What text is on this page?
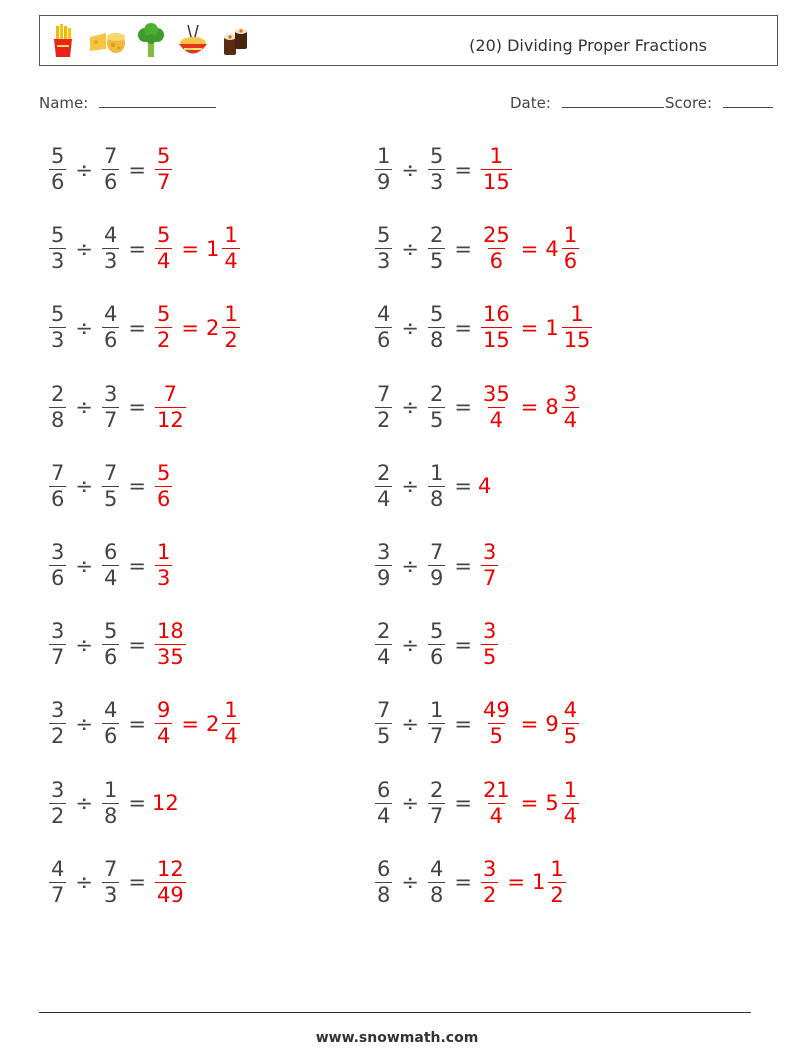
(20) Dividing Proper Fractions
Name:	Date:	Score:
$\frac{5}{6} \div \frac{7}{6} = \frac{5}{7}$	$\frac{1}{9} \div \frac{5}{3} = \frac{1}{15}$
$\frac{5}{3} \div \frac{4}{3} = \frac{5}{4} = 1 \frac{1}{4}$	$\frac{5}{3} \div \frac{2}{5} = \frac{25}{6} = 4 \frac{1}{6}$
$\frac{5}{3} \div \frac{4}{6} = \frac{5}{2} = 2 \frac{1}{2}$	$\frac{4}{6} \div \frac{5}{8} = \frac{16}{15} = 1 \frac{1}{15}$
$\frac{2}{8} \div \frac{3}{7} = \frac{7}{12}$	$\frac{7}{2} \div \frac{2}{5} = \frac{35}{4} = 8 \frac{3}{4}$
$\frac{7}{6} \div \frac{7}{5} = \frac{5}{6}$	$\frac{2}{4} \div \frac{1}{8} = 4$
$\frac{3}{6} \div \frac{6}{4} = \frac{1}{3}$	$\frac{3}{9} \div \frac{7}{9} = \frac{3}{7}$
$\frac{3}{7} \div \frac{5}{6} = \frac{18}{35}$	$\frac{2}{4} \div \frac{5}{6} = \frac{3}{5}$
$\frac{3}{2} \div \frac{4}{6} = \frac{9}{4} = 2 \frac{1}{4}$	$\frac{7}{5} \div \frac{1}{7} = \frac{49}{5} = 9 \frac{4}{5}$
$\frac{3}{2} \div \frac{1}{8} = 12$	$\frac{6}{4} \div \frac{2}{7} = \frac{21}{4} = 5 \frac{1}{4}$
$\frac{4}{7} \div \frac{7}{3} = \frac{12}{49}$	$\frac{6}{8} \div \frac{4}{8} = \frac{3}{2} = 1 \frac{1}{2}$
www.snowmath.com
